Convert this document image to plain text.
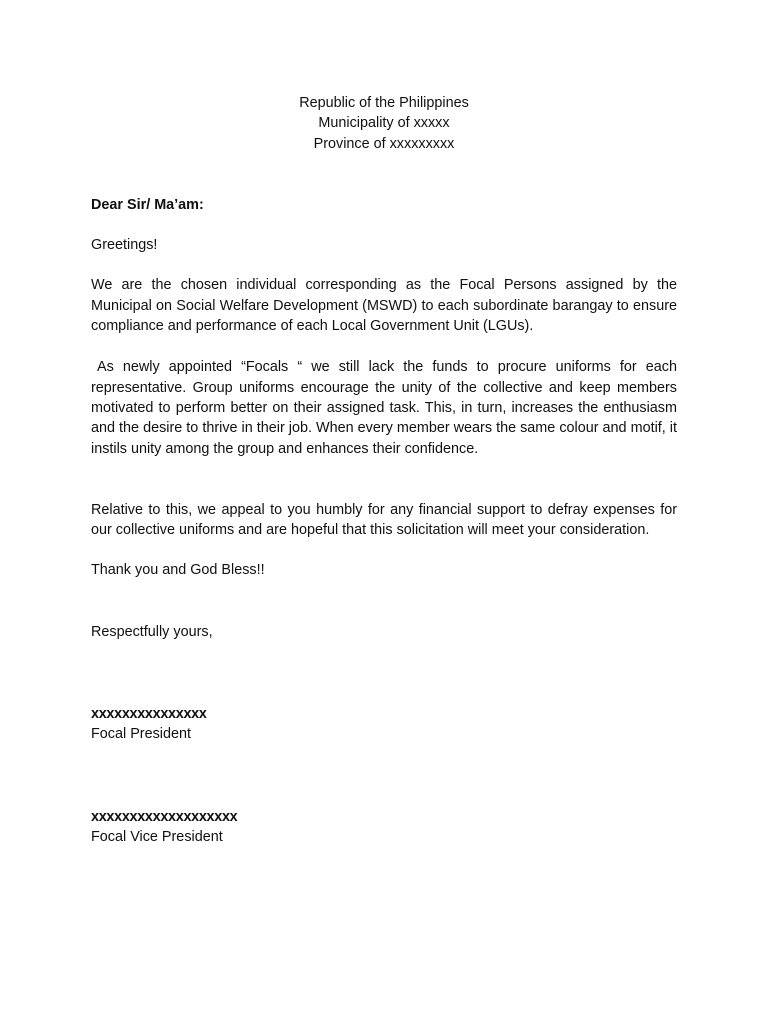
Republic of the Philippines
Municipality of xxxxx
Province of xxxxxxxxx
Dear Sir/ Ma’am:
Greetings!
We are the chosen individual corresponding as the Focal Persons assigned by the Municipal on Social Welfare Development (MSWD) to each subordinate barangay to ensure compliance and performance of each Local Government Unit (LGUs).
As newly appointed “Focals “ we still lack the funds to procure uniforms for each representative. Group uniforms encourage the unity of the collective and keep members motivated to perform better on their assigned task. This, in turn, increases the enthusiasm and the desire to thrive in their job. When every member wears the same colour and motif, it instils unity among the group and enhances their confidence.
Relative to this, we appeal to you humbly for any financial support to defray expenses for our collective uniforms and are hopeful that this solicitation will meet your consideration.
Thank you and God Bless!!
Respectfully yours,
xxxxxxxxxxxxxxx
Focal President
xxxxxxxxxxxxxxxxxxx
Focal Vice President
